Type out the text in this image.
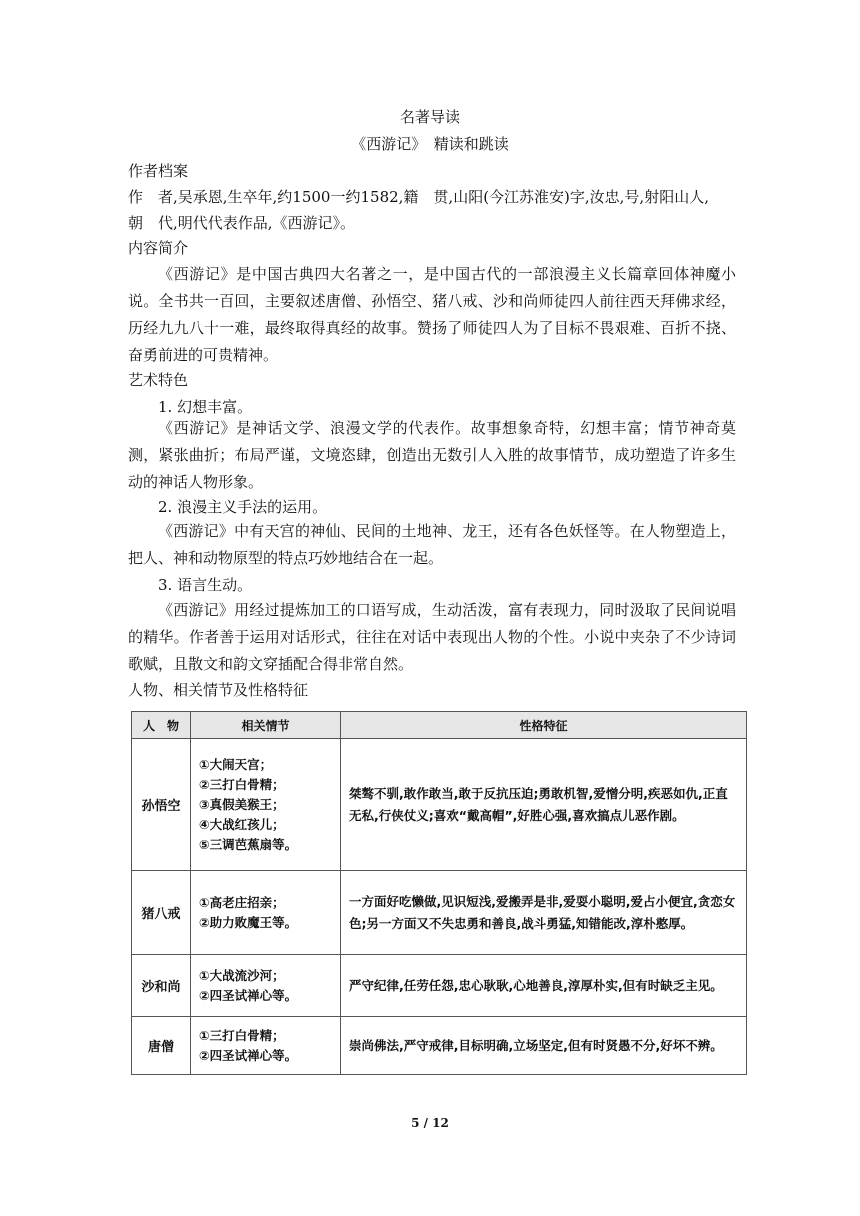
名著导读
《西游记》　精读和跳读
作者档案
作　者,吴承恩,生卒年,约1500一约1582,籍　贯,山阳(今江苏淮安)字,汝忠,号,射阳山人,
朝　代,明代代表作品,《西游记》。
内容简介
《西游记》是中国古典四大名著之一，是中国古代的一部浪漫主义长篇章回体神魔小说。全书共一百回，主要叙述唐僧、孙悟空、猪八戒、沙和尚师徒四人前往西天拜佛求经，历经九九八十一难，最终取得真经的故事。赞扬了师徒四人为了目标不畏艰难、百折不挠、奋勇前进的可贵精神。
艺术特色
1. 幻想丰富。
《西游记》是神话文学、浪漫文学的代表作。故事想象奇特，幻想丰富；情节神奇莫测，紧张曲折；布局严谨，文境恣肆，创造出无数引人入胜的故事情节，成功塑造了许多生动的神话人物形象。
2. 浪漫主义手法的运用。
《西游记》中有天宫的神仙、民间的土地神、龙王，还有各色妖怪等。在人物塑造上，把人、神和动物原型的特点巧妙地结合在一起。
3. 语言生动。
《西游记》用经过提炼加工的口语写成，生动活泼，富有表现力，同时汲取了民间说唱的精华。作者善于运用对话形式，往往在对话中表现出人物的个性。小说中夹杂了不少诗词歌赋，且散文和韵文穿插配合得非常自然。
人物、相关情节及性格特征
人　物	相关情节	性格特征
孙悟空	①大闹天宫；
②三打白骨精；
③真假美猴王；
④大战红孩儿；
⑤三调芭蕉扇等。	桀骜不驯,敢作敢当,敢于反抗压迫;勇敢机智,爱憎分明,疾恶如仇,正直无私,行侠仗义;喜欢“戴高帽”,好胜心强,喜欢搞点儿恶作剧。
猪八戒	①高老庄招亲；
②助力败魔王等。	一方面好吃懒做,见识短浅,爱搬弄是非,爱耍小聪明,爱占小便宜,贪恋女色;另一方面又不失忠勇和善良,战斗勇猛,知错能改,淳朴憨厚。
沙和尚	①大战流沙河；
②四圣试禅心等。	严守纪律,任劳任怨,忠心耿耿,心地善良,淳厚朴实,但有时缺乏主见。
唐僧	①三打白骨精；
②四圣试禅心等。	崇尚佛法,严守戒律,目标明确,立场坚定,但有时贤愚不分,好坏不辨。
5 / 12
